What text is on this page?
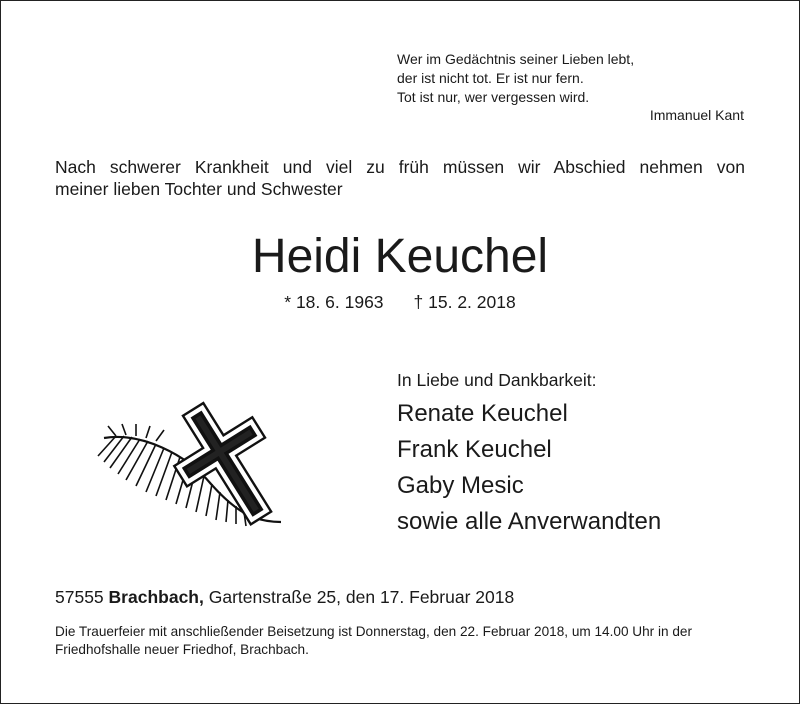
Wer im Gedächtnis seiner Lieben lebt,
der ist nicht tot. Er ist nur fern.
Tot ist nur, wer vergessen wird.
Immanuel Kant
Nach schwerer Krankheit und viel zu früh müssen wir Abschied nehmen von
meiner lieben Tochter und Schwester
Heidi Keuchel
* 18. 6. 1963 † 15. 2. 2018
In Liebe und Dankbarkeit:
Renate Keuchel
Frank Keuchel
Gaby Mesic
sowie alle Anverwandten
57555 Brachbach, Gartenstraße 25, den 17. Februar 2018
Die Trauerfeier mit anschließender Beisetzung ist Donnerstag, den 22. Februar 2018, um 14.00 Uhr in der Friedhofshalle neuer Friedhof, Brachbach.
